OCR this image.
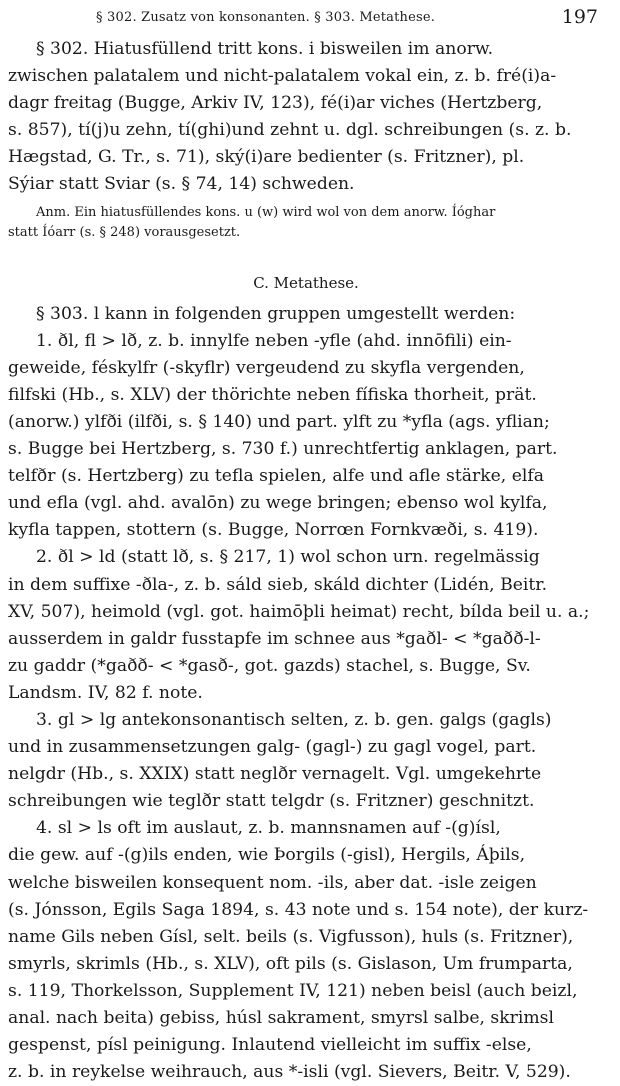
§ 302. Zusatz von konsonanten. § 303. Metathese.	197
§ 302. Hiatusfüllend tritt kons. i bisweilen im anorw.
zwischen palatalem und nicht-palatalem vokal ein, z. b. fré(i)a-
dagr freitag (Bugge, Arkiv IV, 123), fé(i)ar viches (Hertzberg,
s. 857), tí(j)u zehn, tí(ghi)und zehnt u. dgl. schreibungen (s. z. b.
Hægstad, G. Tr., s. 71), ský(i)are bedienter (s. Fritzner), pl.
Sýiar statt Sviar (s. § 74, 14) schweden.
Anm. Ein hiatusfüllendes kons. u (w) wird wol von dem anorw. Íóghar
statt Íóarr (s. § 248) vorausgesetzt.
C. Metathese.
§ 303. l kann in folgenden gruppen umgestellt werden:
1. ðl, fl > lð, z. b. innylfe neben -yfle (ahd. innōfili) ein-
geweide, féskylfr (-skyflr) vergeudend zu skyfla vergenden,
filfski (Hb., s. XLV) der thörichte neben fífiska thorheit, prät.
(anorw.) ylfði (ilfði, s. § 140) und part. ylft zu *yfla (ags. yflian;
s. Bugge bei Hertzberg, s. 730 f.) unrechtfertig anklagen, part.
telfðr (s. Hertzberg) zu tefla spielen, alfe und afle stärke, elfa
und efla (vgl. ahd. avalōn) zu wege bringen; ebenso wol kylfa,
kyfla tappen, stottern (s. Bugge, Norrœn Fornkvæði, s. 419).
2. ðl > ld (statt lð, s. § 217, 1) wol schon urn. regelmässig
in dem suffixe -ðla-, z. b. sáld sieb, skáld dichter (Lidén, Beitr.
XV, 507), heimold (vgl. got. haimōþli heimat) recht, bílda beil u. a.;
ausserdem in galdr fusstapfe im schnee aus *gaðl- < *gaðð-l-
zu gaddr (*gaðð- < *gasð-, got. gazds) stachel, s. Bugge, Sv.
Landsm. IV, 82 f. note.
3. gl > lg antekonsonantisch selten, z. b. gen. galgs (gagls)
und in zusammensetzungen galg- (gagl-) zu gagl vogel, part.
nelgdr (Hb., s. XXIX) statt neglðr vernagelt. Vgl. umgekehrte
schreibungen wie teglðr statt telgdr (s. Fritzner) geschnitzt.
4. sl > ls oft im auslaut, z. b. mannsnamen auf -(g)ísl,
die gew. auf -(g)ils enden, wie Þorgils (-gisl), Hergils, Áþils,
welche bisweilen konsequent nom. -ils, aber dat. -isle zeigen
(s. Jónsson, Egils Saga 1894, s. 43 note und s. 154 note), der kurz-
name Gils neben Gísl, selt. beils (s. Vigfusson), huls (s. Fritzner),
smyrls, skrimls (Hb., s. XLV), oft pils (s. Gislason, Um frumparta,
s. 119, Thorkelsson, Supplement IV, 121) neben beisl (auch beizl,
anal. nach beita) gebiss, húsl sakrament, smyrsl salbe, skrimsl
gespenst, písl peinigung. Inlautend vielleicht im suffix -else,
z. b. in reykelse weihrauch, aus *-isli (vgl. Sievers, Beitr. V, 529).
